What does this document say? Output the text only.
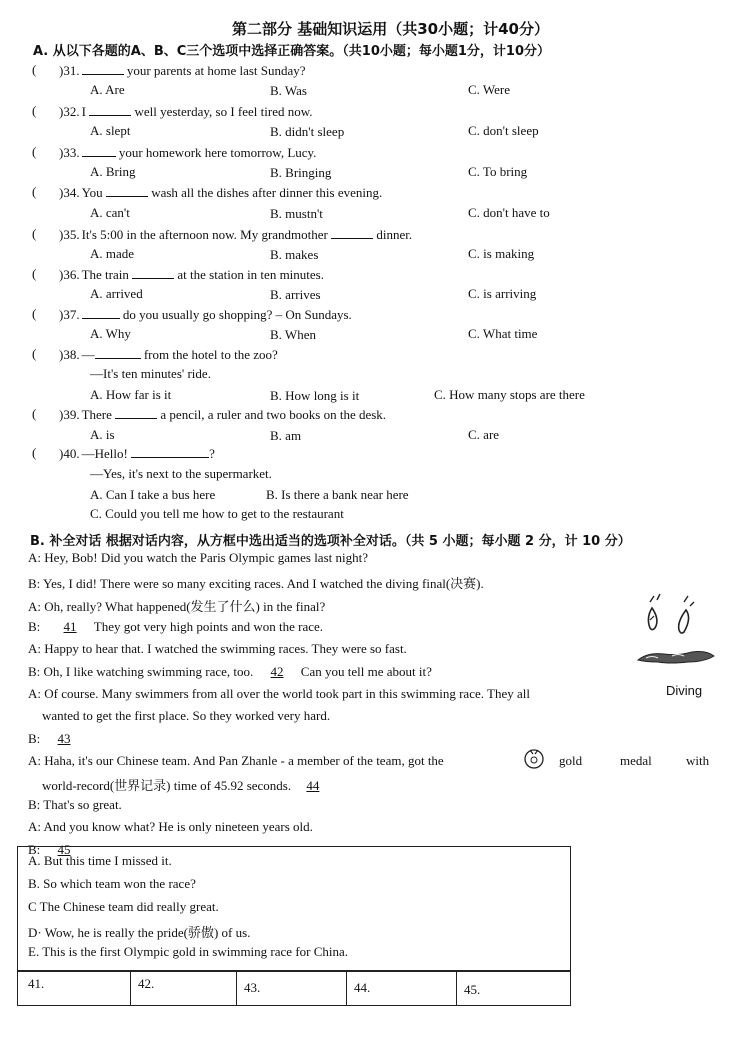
第二部分 基础知识运用（共30小题；计40分）
A. 从以下各题的A、B、C三个选项中选择正确答案。（共10小题；每小题1分，计10分）
( )31.	your parents at home last Sunday?
A. Are	B. Was	C. Were
( )32. I	well yesterday, so I feel tired now.
A. slept	B. didn't sleep	C. don't sleep
( )33.	your homework here tomorrow, Lucy.
A. Bring	B. Bringing	C. To bring
( )34. You	wash all the dishes after dinner this evening.
A. can't	B. mustn't	C. don't have to
( )35. It's 5:00 in the afternoon now. My grandmother	dinner.
A. made	B. makes	C. is making
( )36. The train	at the station in ten minutes.
A. arrived	B. arrives	C. is arriving
( )37.	do you usually go shopping? – On Sundays.
A. Why	B. When	C. What time
( )38. —	from the hotel to the zoo?
—It's ten minutes' ride.
A. How far is it	B. How long is it	C. How many stops are there
( )39. There	a pencil, a ruler and two books on the desk.
A. is	B. am	C. are
( )40. —Hello!	?
—Yes, it's next to the supermarket.
A. Can I take a bus here	B. Is there a bank near here
C. Could you tell me how to get to the restaurant
B. 补全对话 根据对话内容，从方框中选出适当的选项补全对话。（共 5 小题；每小题 2 分，计 10 分）
A: Hey, Bob! Did you watch the Paris Olympic games last night?
B: Yes, I did! There were so many exciting races. And I watched the diving final(决赛).
A: Oh, really? What happened(发生了什么) in the final?
B: 41 They got very high points and won the race.
A: Happy to hear that. I watched the swimming races. They were so fast.
B: Oh, I like watching swimming race, too. 42 Can you tell me about it?
A: Of course. Many swimmers from all over the world took part in this swimming race. They all
wanted to get the first place. So they worked very hard.
B: 43
A: Haha, it's our Chinese team. And Pan Zhanle - a member of the team, got the	gold	medal	with
world-record(世界记录) time of 45.92 seconds. 44
B: That's so great.
A: And you know what? He is only nineteen years old.
B: 45
Diving
A. But this time I missed it.
B. So which team won the race?
C The Chinese team did really great.
D· Wow, he is really the pride(骄傲) of us.
E. This is the first Olympic gold in swimming race for China.
41.	42.	43.	44.	45.
